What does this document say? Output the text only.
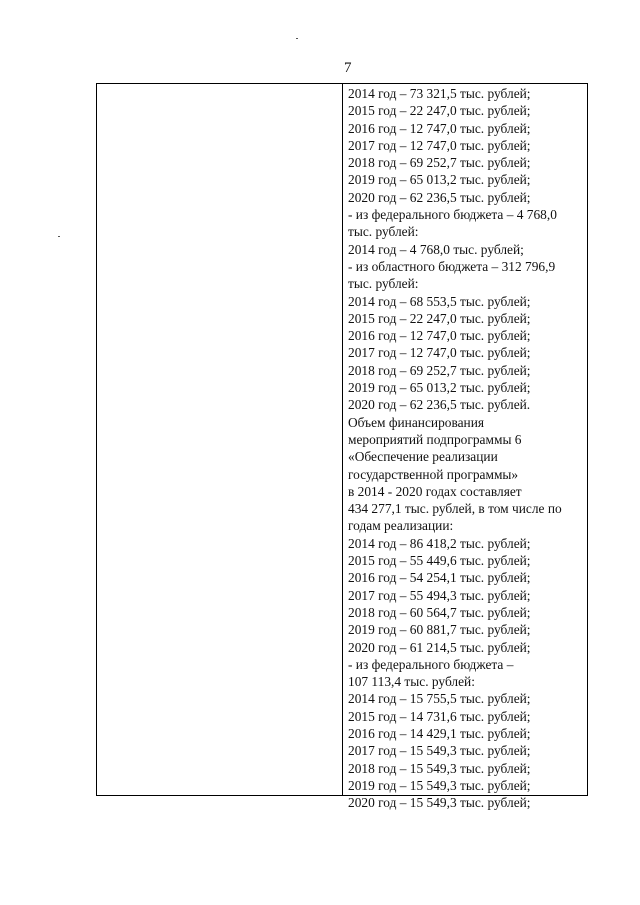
7
2014 год – 73 321,5 тыс. рублей;
2015 год – 22 247,0 тыс. рублей;
2016 год – 12 747,0 тыс. рублей;
2017 год – 12 747,0 тыс. рублей;
2018 год – 69 252,7 тыс. рублей;
2019 год – 65 013,2 тыс. рублей;
2020 год – 62 236,5 тыс. рублей;
- из федерального бюджета – 4 768,0
тыс. рублей:
2014 год – 4 768,0 тыс. рублей;
- из областного бюджета – 312 796,9
тыс. рублей:
2014 год – 68 553,5 тыс. рублей;
2015 год – 22 247,0 тыс. рублей;
2016 год – 12 747,0 тыс. рублей;
2017 год – 12 747,0 тыс. рублей;
2018 год – 69 252,7 тыс. рублей;
2019 год – 65 013,2 тыс. рублей;
2020 год – 62 236,5 тыс. рублей.
Объем финансирования
мероприятий подпрограммы 6
«Обеспечение реализации
государственной программы»
в 2014 - 2020 годах составляет
434 277,1 тыс. рублей, в том числе по
годам реализации:
2014 год – 86 418,2 тыс. рублей;
2015 год – 55 449,6 тыс. рублей;
2016 год – 54 254,1 тыс. рублей;
2017 год – 55 494,3 тыс. рублей;
2018 год – 60 564,7 тыс. рублей;
2019 год – 60 881,7 тыс. рублей;
2020 год – 61 214,5 тыс. рублей;
- из федерального бюджета –
107 113,4 тыс. рублей:
2014 год – 15 755,5 тыс. рублей;
2015 год – 14 731,6 тыс. рублей;
2016 год – 14 429,1 тыс. рублей;
2017 год – 15 549,3 тыс. рублей;
2018 год – 15 549,3 тыс. рублей;
2019 год – 15 549,3 тыс. рублей;
2020 год – 15 549,3 тыс. рублей;
